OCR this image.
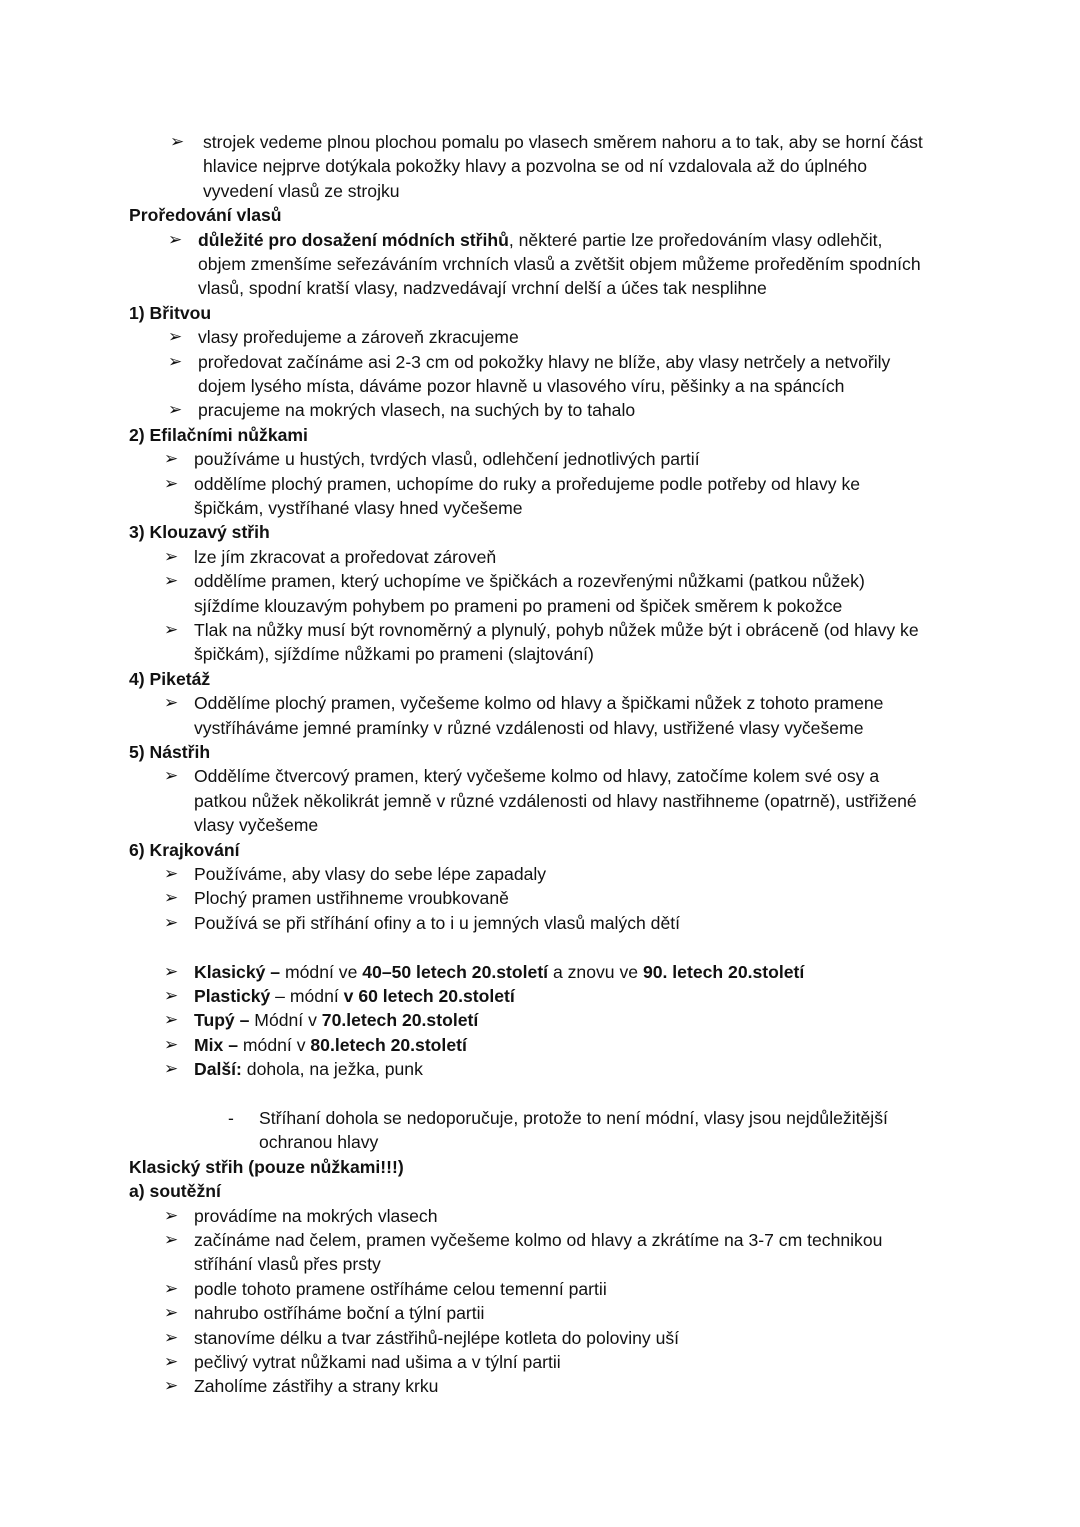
➢ strojek vedeme plnou plochou pomalu po vlasech směrem nahoru a to tak, aby se horní část
hlavice nejprve dotýkala pokožky hlavy a pozvolna se od ní vzdalovala až do úplného
vyvedení vlasů ze strojku
Proředování vlasů
➢ důležité pro dosažení módních střihů, některé partie lze proředováním vlasy odlehčit,
objem zmenšíme seřezáváním vrchních vlasů a zvětšit objem můžeme proředěním spodních
vlasů, spodní kratší vlasy, nadzvedávají vrchní delší a účes tak nesplihne
1) Břitvou
➢ vlasy proředujeme a zároveň zkracujeme
➢ proředovat začínáme asi 2-3 cm od pokožky hlavy ne blíže, aby vlasy netrčely a netvořily
dojem lysého místa, dáváme pozor hlavně u vlasového víru, pěšinky a na spáncích
➢ pracujeme na mokrých vlasech, na suchých by to tahalo
2) Efilačními nůžkami
➢ používáme u hustých, tvrdých vlasů, odlehčení jednotlivých partií
➢ oddělíme plochý pramen, uchopíme do ruky a proředujeme podle potřeby od hlavy ke
špičkám, vystříhané vlasy hned vyčešeme
3) Klouzavý střih
➢ lze jím zkracovat a proředovat zároveň
➢ oddělíme pramen, který uchopíme ve špičkách a rozevřenými nůžkami (patkou nůžek)
sjíždíme klouzavým pohybem po prameni po prameni od špiček směrem k pokožce
➢ Tlak na nůžky musí být rovnoměrný a plynulý, pohyb nůžek může být i obráceně (od hlavy ke
špičkám), sjíždíme nůžkami po prameni (slajtování)
4) Piketáž
➢ Oddělíme plochý pramen, vyčešeme kolmo od hlavy a špičkami nůžek z tohoto pramene
vystříháváme jemné pramínky v různé vzdálenosti od hlavy, ustřižené vlasy vyčešeme
5) Nástřih
➢ Oddělíme čtvercový pramen, který vyčešeme kolmo od hlavy, zatočíme kolem své osy a
patkou nůžek několikrát jemně v různé vzdálenosti od hlavy nastřihneme (opatrně), ustřižené
vlasy vyčešeme
6) Krajkování
➢ Používáme, aby vlasy do sebe lépe zapadaly
➢ Plochý pramen ustřihneme vroubkovaně
➢ Používá se při stříhání ofiny a to i u jemných vlasů malých dětí
➢ Klasický – módní ve 40–50 letech 20.století a znovu ve 90. letech 20.století
➢ Plastický – módní v 60 letech 20.století
➢ Tupý – Módní v 70.letech 20.století
➢ Mix – módní v 80.letech 20.století
➢ Další: dohola, na ježka, punk
- Stříhaní dohola se nedoporučuje, protože to není módní, vlasy jsou nejdůležitější
ochranou hlavy
Klasický střih (pouze nůžkami!!!)
a) soutěžní
➢ provádíme na mokrých vlasech
➢ začínáme nad čelem, pramen vyčešeme kolmo od hlavy a zkrátíme na 3-7 cm technikou
stříhání vlasů přes prsty
➢ podle tohoto pramene ostříháme celou temenní partii
➢ nahrubo ostříháme boční a týlní partii
➢ stanovíme délku a tvar zástřihů-nejlépe kotleta do poloviny uší
➢ pečlivý vytrat nůžkami nad ušima a v týlní partii
➢ Zaholíme zástřihy a strany krku
